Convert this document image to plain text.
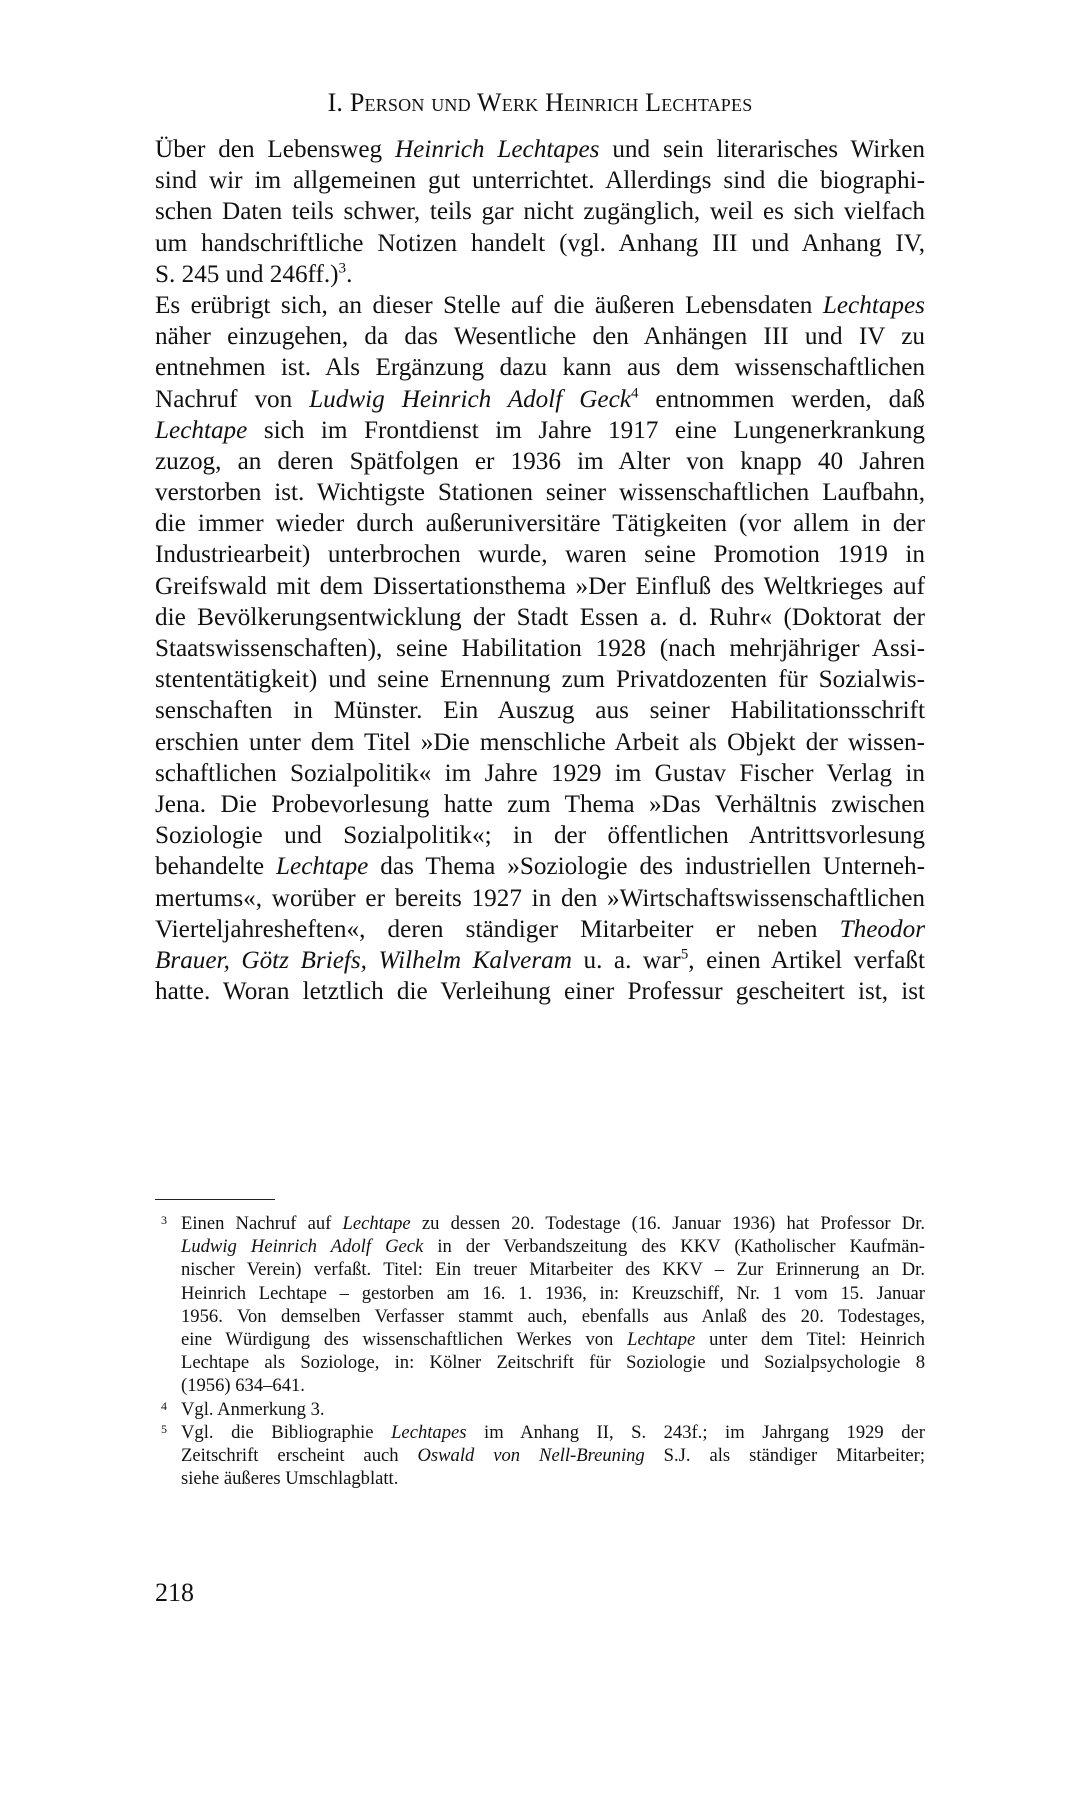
I. Person und Werk Heinrich Lechtapes
Über den Lebensweg Heinrich Lechtapes und sein literarisches Wirken
sind wir im allgemeinen gut unterrichtet. Allerdings sind die biographi-
schen Daten teils schwer, teils gar nicht zugänglich, weil es sich vielfach
um handschriftliche Notizen handelt (vgl. Anhang III und Anhang IV,
S. 245 und 246ff.)$^3$.
Es erübrigt sich, an dieser Stelle auf die äußeren Lebensdaten Lechtapes
näher einzugehen, da das Wesentliche den Anhängen III und IV zu
entnehmen ist. Als Ergänzung dazu kann aus dem wissenschaftlichen
Nachruf von Ludwig Heinrich Adolf Geck$^4$ entnommen werden, daß
Lechtape sich im Frontdienst im Jahre 1917 eine Lungenerkrankung
zuzog, an deren Spätfolgen er 1936 im Alter von knapp 40 Jahren
verstorben ist. Wichtigste Stationen seiner wissenschaftlichen Laufbahn,
die immer wieder durch außeruniversitäre Tätigkeiten (vor allem in der
Industriearbeit) unterbrochen wurde, waren seine Promotion 1919 in
Greifswald mit dem Dissertationsthema »Der Einfluß des Weltkrieges auf
die Bevölkerungsentwicklung der Stadt Essen a. d. Ruhr« (Doktorat der
Staatswissenschaften), seine Habilitation 1928 (nach mehrjähriger Assi-
stententätigkeit) und seine Ernennung zum Privatdozenten für Sozialwis-
senschaften in Münster. Ein Auszug aus seiner Habilitationsschrift
erschien unter dem Titel »Die menschliche Arbeit als Objekt der wissen-
schaftlichen Sozialpolitik« im Jahre 1929 im Gustav Fischer Verlag in
Jena. Die Probevorlesung hatte zum Thema »Das Verhältnis zwischen
Soziologie und Sozialpolitik«; in der öffentlichen Antrittsvorlesung
behandelte Lechtape das Thema »Soziologie des industriellen Unterneh-
mertums«, worüber er bereits 1927 in den »Wirtschaftswissenschaftlichen
Vierteljahresheften«, deren ständiger Mitarbeiter er neben Theodor
Brauer, Götz Briefs, Wilhelm Kalveram u. a. war$^5$, einen Artikel verfaßt
hatte. Woran letztlich die Verleihung einer Professur gescheitert ist, ist
3 Einen Nachruf auf Lechtape zu dessen 20. Todestage (16. Januar 1936) hat Professor Dr.
Ludwig Heinrich Adolf Geck in der Verbandszeitung des KKV (Katholischer Kaufmän-
nischer Verein) verfaßt. Titel: Ein treuer Mitarbeiter des KKV – Zur Erinnerung an Dr.
Heinrich Lechtape – gestorben am 16. 1. 1936, in: Kreuzschiff, Nr. 1 vom 15. Januar
1956. Von demselben Verfasser stammt auch, ebenfalls aus Anlaß des 20. Todestages,
eine Würdigung des wissenschaftlichen Werkes von Lechtape unter dem Titel: Heinrich
Lechtape als Soziologe, in: Kölner Zeitschrift für Soziologie und Sozialpsychologie 8
(1956) 634–641.
4 Vgl. Anmerkung 3.
5 Vgl. die Bibliographie Lechtapes im Anhang II, S. 243f.; im Jahrgang 1929 der
Zeitschrift erscheint auch Oswald von Nell-Breuning S.J. als ständiger Mitarbeiter;
siehe äußeres Umschlagblatt.
218
